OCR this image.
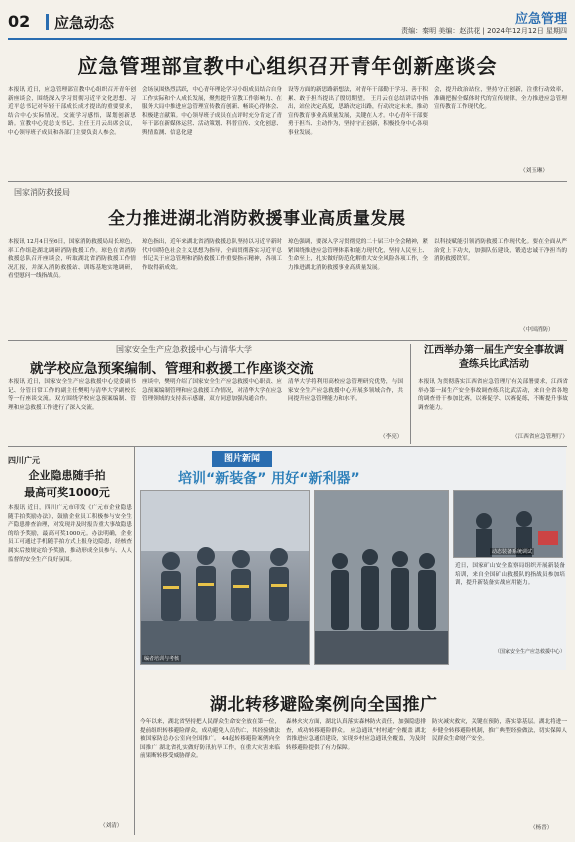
02 应急动态	应急管理
责编：秦明 美编：赵洪花 | 2024年12月12日 星期四
应急管理部宣教中心组织召开青年创新座谈会
本报讯 近日，应急管理部宣教中心组织召开青年创新座谈会，围绕深入学习贯彻习近平文化思想、习近平总书记对年轻干部成长成才提出的重要要求，结合中心实际情况，交流学习感悟，谋划创新思路。宣教中心党总支书记、主任王月云出席会议，中心领导班子成员和各部门主要负责人参会。
会场氛围热烈活跃，中心青年理论学习小组成员结合自身工作实际和个人成长发展，聚焦提升宣教工作影响力、在服务大局中推进应急管理宣传教育创新、畅谈心得体会、积极建言献策。中心领导班子成员在点评时充分肯定了青年干部在新媒体运营、活动策划、科普宣传、文化创意、舆情监测、信息化建
设等方面的新思路新想法，对青年干部勤于学习、善于积累、敢于担当提出了殷切期望。 王月云在总结讲话中指出，站位决定高度，思路决定出路，行动决定未来。推动宣传教育事业高质量发展，关键在人才。中心青年干部要勇于担当、主动作为，坚持守正创新，积极投身中心各项事业发展。
会，提升政治站位，坚持守正创新，注重行动效率，准确把握全媒体时代的宣传规律，全力推进应急管理宣传教育工作现代化。
（刘玉琳）
国家消防救援局
全力推进湖北消防救援事业高质量发展
本报讯 12月4日至6日，国家消防救援局局长琼色，率工作组赴湖北调研消防救援工作。琼色在省消防救援总队召开座谈会，听取湖北省消防救援工作情况汇报，并深入消防救援站、训练基地实地调研，看望慰问一线指战员。
琼色指出，近年来湖北省消防救援总队坚持以习近平新时代中国特色社会主义思想为指导，全面贯彻落实习近平总书记关于应急管理和消防救援工作重要指示精神，各项工作取得新成效。
琼色强调，要深入学习贯彻党的二十届三中全会精神，紧紧围绕推进应急管理体系和能力现代化，坚持人民至上、生命至上，扎实做好防范化解重大安全风险各项工作，全力推进湖北消防救援事业高质量发展。
以科技赋能引领消防救援工作现代化。要在全面从严治党上下功夫，加强队伍建设，锻造忠诚干净担当的消防救援铁军。
（中国消防）
国家安全生产应急救援中心与清华大学
就学校应急预案编制、管理和救援工作座谈交流
本报讯 近日，国家安全生产应急救援中心党委副书记、分管日常工作的副主任樊明与清华大学副校长等一行座谈交流。双方围绕学校应急预案编制、管理和应急救援工作进行了深入交流。
座谈中，樊明介绍了国家安全生产应急救援中心职责、应急预案编制管理和应急救援工作情况，对清华大学在应急管理领域的支持表示感谢，双方同意加强沟通合作。
清华大学将利用高校应急管理研究优势，与国家安全生产应急救援中心开展多领域合作，共同提升应急管理能力和水平。
（李亮）
江西举办第一届生产安全事故调查练兵比武活动
本报讯 为贯彻落实江西省应急管理厅有关部署要求，江西省举办第一届生产安全事故调查练兵比武活动，来自全省各地的调查骨干参加比赛，以赛促学、以赛促练，不断提升事故调查能力。
（江西省应急管理厅）
四川广元
企业隐患随手拍
最高可奖1000元
本报讯 近日，四川广元市印发《广元市企业隐患随手拍奖励办法》，鼓励企业员工积极参与安全生产隐患排查治理，对发现并及时报告重大事故隐患的给予奖励，最高可奖1000元。办法明确，企业员工可通过手机随手拍方式上报身边隐患，经核查属实后按规定给予奖励，推动形成全员参与、人人监督的安全生产良好氛围。
（刘清）
图片新闻
培训“新装备” 用好“新利器”
编者培训与考核
动态装备系统调试
近日，国家矿山安全监察局组织开展新装备培训，来自全国矿山救援队的指战员参加培训，提升新装备实战应用能力。
（国家安全生产应急救援中心）
湖北转移避险案例向全国推广
今年以来，湖北省坚持把人民群众生命安全放在第一位，提前组织转移避险群众，成功避免人员伤亡，其经验做法被国家防总办公室向全国推广。 44起转移避险案例向全国推广 湖北省扎实做好防汛抗旱工作，在重大灾害来临前果断转移受威胁群众。
森林火灾方面，湖北认真落实森林防火责任，加强隐患排查，成功转移避险群众。 应急通讯“村村通”全覆盖 湖北省推进应急通信建设，实现乡村应急通讯全覆盖，为及时转移避险提供了有力保障。
防灾减灾救灾，关键在预防，落实靠基层。湖北将进一步健全转移避险机制，推广典型经验做法，切实保障人民群众生命财产安全。
（杨晋）
